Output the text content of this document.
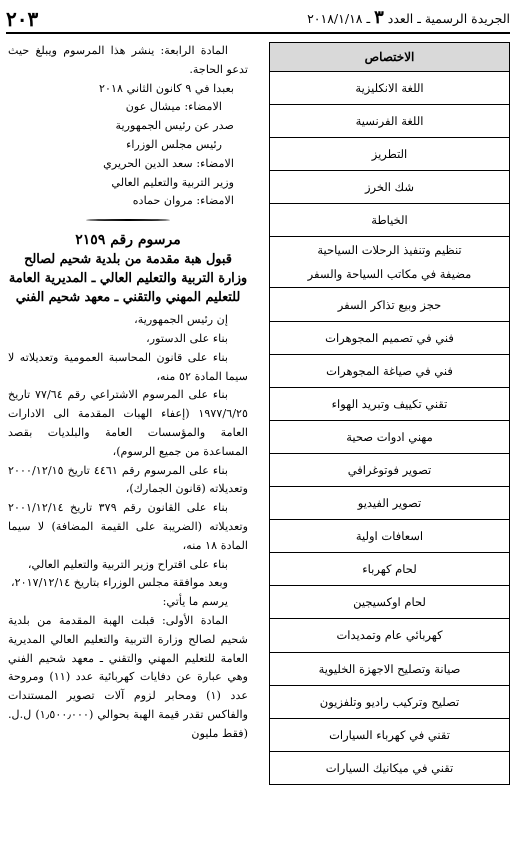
الجريدة الرسمية ـ العدد ٣ ـ ٢٠١٨/١/١٨
٢٠٣
الاختصاص
اللغة الانكليزية
اللغة الفرنسية
التطريز
شك الخرز
الخياطة
تنظيم وتنفيذ الرحلات السياحية
مضيفة في مكاتب السياحة والسفر
حجز وبيع تذاكر السفر
فني في تصميم المجوهرات
فني في صياغة المجوهرات
تقني تكييف وتبريد الهواء
مهني ادوات صحية
تصوير فوتوغرافي
تصوير الفيديو
اسعافات اولية
لحام كهرباء
لحام اوكسيجين
كهربائي عام وتمديدات
صيانة وتصليح الاجهزة الخليوية
تصليح وتركيب راديو وتلفزيون
تقني في كهرباء السيارات
تقني في ميكانيك السيارات

المادة الرابعة: ينشر هذا المرسوم ويبلغ حيث تدعو الحاجة.

بعبدا في ٩ كانون الثاني ٢٠١٨

الامضاء: ميشال عون

صدر عن رئيس الجمهورية

رئيس مجلس الوزراء

الامضاء: سعد الدين الحريري

وزير التربية والتعليم العالي

الامضاء: مروان حماده

مرسوم رقم ٢١٥٩
قبول هبة مقدمة من بلدية شحيم لصالح وزارة التربية والتعليم العالي ـ المديرية العامة للتعليم المهني والتقني ـ معهد شحيم الفني

إن رئيس الجمهورية،

بناء على الدستور،

بناء على قانون المحاسبة العمومية وتعديلاته لا سيما المادة ٥٢ منه،

بناء على المرسوم الاشتراعي رقم ٧٧/٦٤ تاريخ ١٩٧٧/٦/٢٥ (إعفاء الهبات المقدمة الى الادارات العامة والمؤسسات العامة والبلديات بقصد المساعدة من جميع الرسوم)،

بناء على المرسوم رقم ٤٤٦١ تاريخ ٢٠٠٠/١٢/١٥ وتعديلاته (قانون الجمارك)،

بناء على القانون رقم ٣٧٩ تاريخ ٢٠٠١/١٢/١٤ وتعديلاته (الضريبة على القيمة المضافة) لا سيما المادة ١٨ منه،

بناء على اقتراح وزير التربية والتعليم العالي،

وبعد موافقة مجلس الوزراء بتاريخ ٢٠١٧/١٢/١٤،

يرسم ما يأتي:

المادة الأولى: قبلت الهبة المقدمة من بلدية شحيم لصالح وزارة التربية والتعليم العالي المديرية العامة للتعليم المهني والتقني ـ معهد شحيم الفني وهي عبارة عن دفايات كهربائية عدد (١١) ومروحة عدد (١) ومحابر لزوم آلات تصوير المستندات والفاكس تقدر قيمة الهبة بحوالي (١٫٥٠٠٫٠٠٠) ل.ل. (فقط مليون
